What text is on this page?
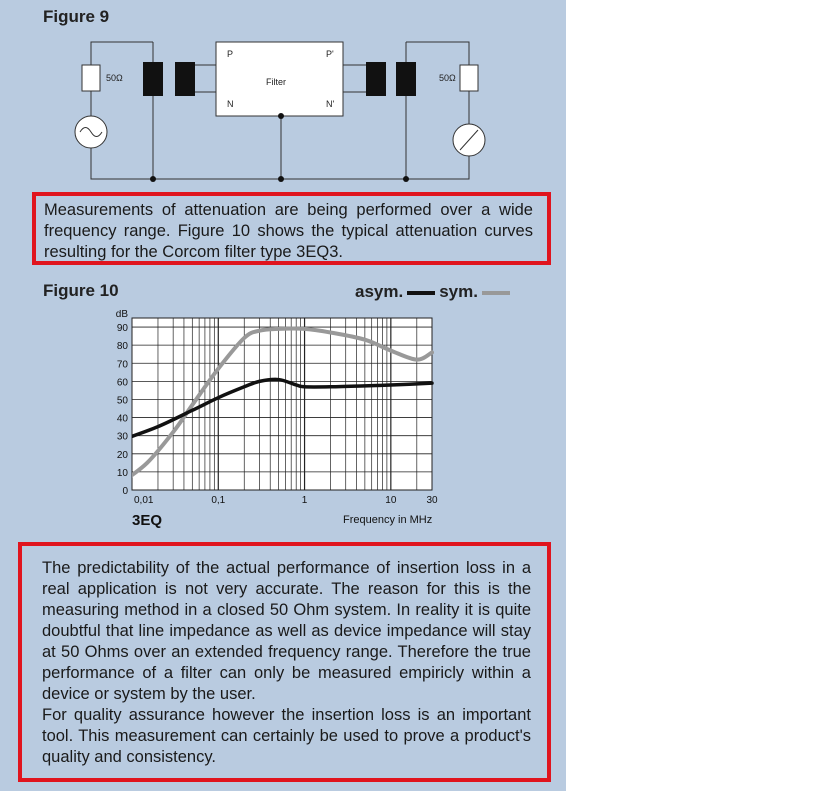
Figure 9
50Ω	50Ω
Filter
P	P'
N	N'

Measurements of attenuation are being performed over a wide frequency range. Figure 10 shows the typical attenuation curves resulting for the Corcom filter type 3EQ3.

Figure 10	asym. sym.
0
10
20
30
40
50
60
70
80
90
dB
0,01	0,1	1	10	30
3EQ	Frequency in MHz

The predictability of the actual performance of insertion loss in a real application is not very accurate. The reason for this is the measuring method in a closed 50 Ohm system. In reality it is quite doubtful that line impedance as well as device impedance will stay at 50 Ohms over an extended frequency range. Therefore the true performance of a filter can only be measured empiricly within a device or system by the user.

For quality assurance however the insertion loss is an important tool. This measurement can certainly be used to prove a product's quality and consistency.
